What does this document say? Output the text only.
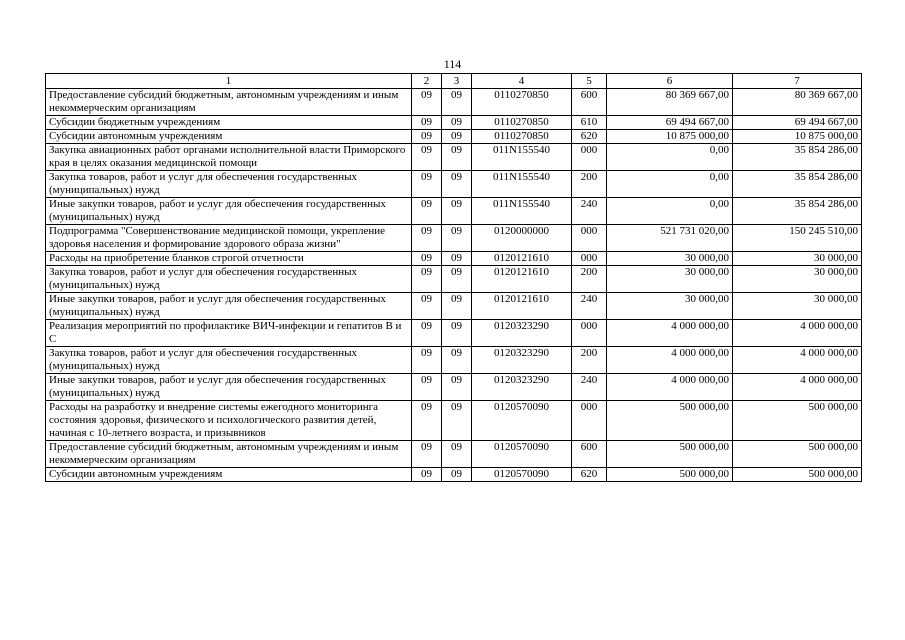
114
1	2	3	4	5	6	7
Предоставление субсидий бюджетным, автономным учреждениям и иным некоммерческим организациям	09	09	0110270850	600	80 369 667,00	80 369 667,00
Субсидии бюджетным учреждениям	09	09	0110270850	610	69 494 667,00	69 494 667,00
Субсидии автономным учреждениям	09	09	0110270850	620	10 875 000,00	10 875 000,00
Закупка авиационных работ органами исполнительной власти Приморского края в целях оказания медицинской помощи	09	09	011N155540	000	0,00	35 854 286,00
Закупка товаров, работ и услуг для обеспечения государственных (муниципальных) нужд	09	09	011N155540	200	0,00	35 854 286,00
Иные закупки товаров, работ и услуг для обеспечения государственных (муниципальных) нужд	09	09	011N155540	240	0,00	35 854 286,00
Подпрограмма "Совершенствование медицинской помощи, укрепление здоровья населения и формирование здорового образа жизни"	09	09	0120000000	000	521 731 020,00	150 245 510,00
Расходы на приобретение бланков строгой отчетности	09	09	0120121610	000	30 000,00	30 000,00
Закупка товаров, работ и услуг для обеспечения государственных (муниципальных) нужд	09	09	0120121610	200	30 000,00	30 000,00
Иные закупки товаров, работ и услуг для обеспечения государственных (муниципальных) нужд	09	09	0120121610	240	30 000,00	30 000,00
Реализация мероприятий по профилактике ВИЧ-инфекции и гепатитов В и С	09	09	0120323290	000	4 000 000,00	4 000 000,00
Закупка товаров, работ и услуг для обеспечения государственных (муниципальных) нужд	09	09	0120323290	200	4 000 000,00	4 000 000,00
Иные закупки товаров, работ и услуг для обеспечения государственных (муниципальных) нужд	09	09	0120323290	240	4 000 000,00	4 000 000,00
Расходы на разработку и внедрение системы ежегодного мониторинга состояния здоровья, физического и психологического развития детей, начиная с 10-летнего возраста, и призывников	09	09	0120570090	000	500 000,00	500 000,00
Предоставление субсидий бюджетным, автономным учреждениям и иным некоммерческим организациям	09	09	0120570090	600	500 000,00	500 000,00
Субсидии автономным учреждениям	09	09	0120570090	620	500 000,00	500 000,00
